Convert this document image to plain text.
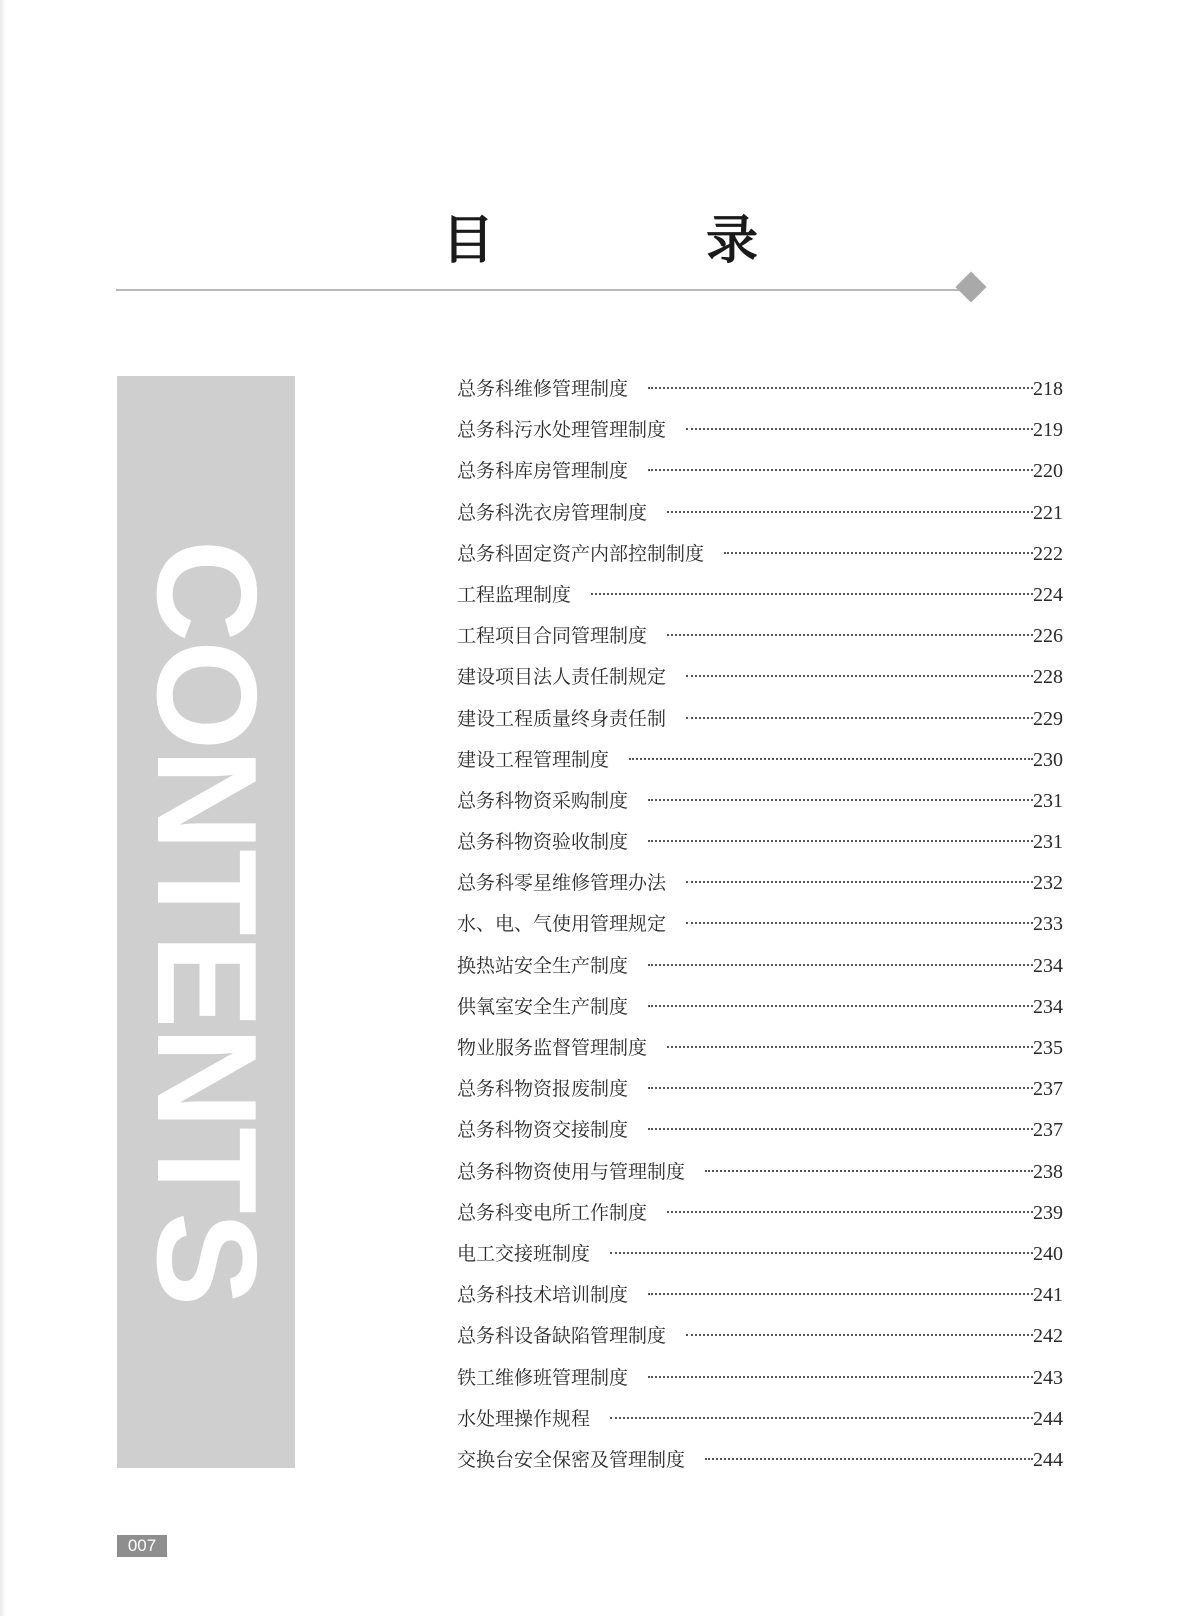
目　录
CONTENTS
总务科维修管理制度	218
总务科污水处理管理制度	219
总务科库房管理制度	220
总务科洗衣房管理制度	221
总务科固定资产内部控制制度	222
工程监理制度	224
工程项目合同管理制度	226
建设项目法人责任制规定	228
建设工程质量终身责任制	229
建设工程管理制度	230
总务科物资采购制度	231
总务科物资验收制度	231
总务科零星维修管理办法	232
水、电、气使用管理规定	233
换热站安全生产制度	234
供氧室安全生产制度	234
物业服务监督管理制度	235
总务科物资报废制度	237
总务科物资交接制度	237
总务科物资使用与管理制度	238
总务科变电所工作制度	239
电工交接班制度	240
总务科技术培训制度	241
总务科设备缺陷管理制度	242
铁工维修班管理制度	243
水处理操作规程	244
交换台安全保密及管理制度	244
007
